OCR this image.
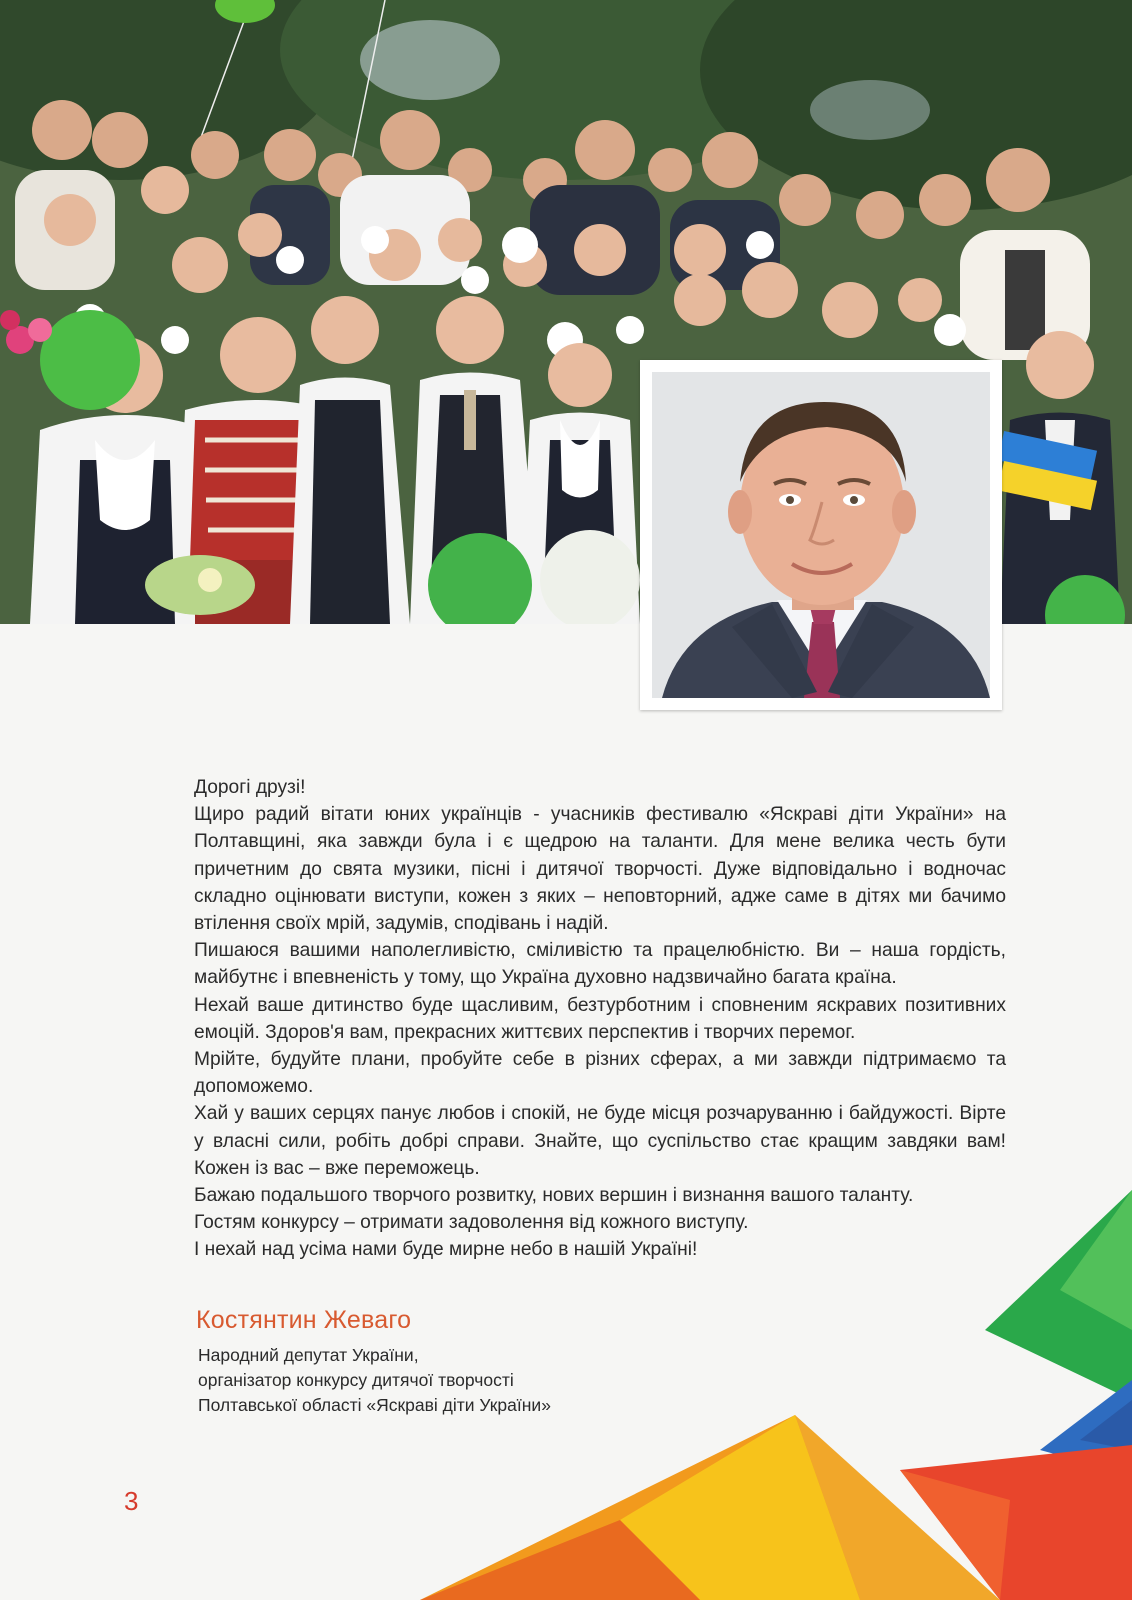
Дорогі друзі!

Щиро радий вітати юних українців - учасників фестивалю «Яскраві діти України» на Полтавщині, яка завжди була і є щедрою на таланти. Для мене велика честь бути причетним до свята музики, пісні і дитячої творчості. Дуже відповідально і водночас складно оцінювати виступи, кожен з яких – неповторний, адже саме в дітях ми бачимо втілення своїх мрій, задумів, сподівань і надій.

Пишаюся вашими наполегливістю, сміливістю та працелюбністю. Ви – наша гордість, майбутнє і впевненість у тому, що Україна духовно надзвичайно багата країна.

Нехай ваше дитинство буде щасливим, безтурботним і сповненим яскравих позитивних емоцій. Здоров'я вам, прекрасних життєвих перспектив і творчих перемог.

Мрійте, будуйте плани, пробуйте себе в різних сферах, а ми завжди підтримаємо та допоможемо.

Хай у ваших серцях панує любов і спокій, не буде місця розчаруванню і байдужості. Вірте у власні сили, робіть добрі справи. Знайте, що суспільство стає кращим завдяки вам! Кожен із вас – вже переможець.

Бажаю подальшого творчого розвитку, нових вершин і визнання вашого таланту.

Гостям конкурсу – отримати задоволення від кожного виступу.

І нехай над усіма нами буде мирне небо в нашій Україні!

Костянтин Жеваго
Народний депутат України,
організатор конкурсу дитячої творчості
Полтавської області «Яскраві діти України»
3
